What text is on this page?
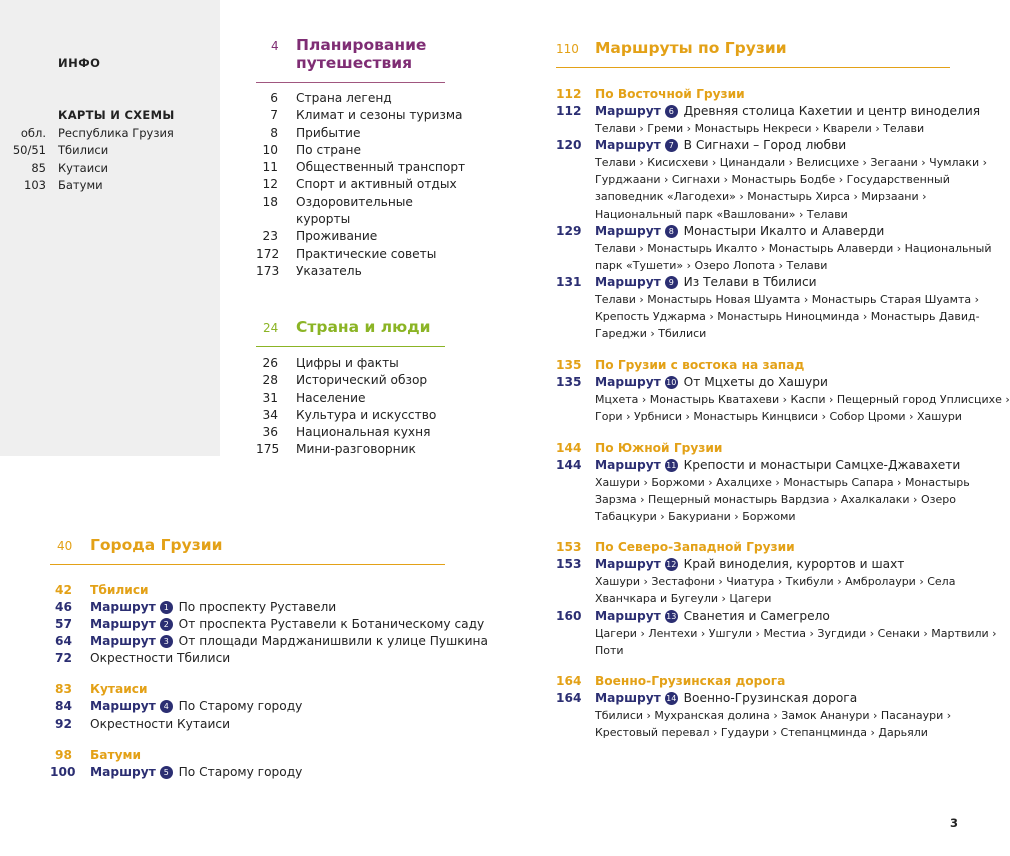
ИНФО
КАРТЫ И СХЕМЫ
обл. Республика Грузия
50/51 Тбилиси
85 Кутаиси
103 Батуми
4 Планирование путешествия
6 Страна легенд
7 Климат и сезоны туризма
8 Прибытие
10 По стране
11 Общественный транспорт
12 Спорт и активный отдых
18 Оздоровительные курорты
23 Проживание
172 Практические советы
173 Указатель
24 Страна и люди
26 Цифры и факты
28 Исторический обзор
31 Население
34 Культура и искусство
36 Национальная кухня
175 Мини-разговорник
40 Города Грузии
42 Тбилиси
46 Маршрут 1 По проспекту Руставели
57 Маршрут 2 От проспекта Руставели к Ботаническому саду
64 Маршрут 3 От площади Марджанишвили к улице Пушкина
72 Окрестности Тбилиси
83 Кутаиси
84 Маршрут 4 По Старому городу
92 Окрестности Кутаиси
98 Батуми
100 Маршрут 5 По Старому городу
110 Маршруты по Грузии
112 По Восточной Грузии
112 Маршрут 6 Древняя столица Кахетии и центр виноделия
Телави › Греми › Монастырь Некреси › Кварели › Телави
120 Маршрут 7 В Сигнахи – Город любви
Телави › Кисисхеви › Цинандали › Велисцихе › Зегаани › Чумлаки ›
Гурджаани › Сигнахи › Монастырь Бодбе › Государственный
заповедник «Лагодехи» › Монастырь Хирса › Мирзаани ›
Национальный парк «Вашловани» › Телави
129 Маршрут 8 Монастыри Икалто и Алаверди
Телави › Монастырь Икалто › Монастырь Алаверди › Национальный
парк «Тушети» › Озеро Лопота › Телави
131 Маршрут 9 Из Телави в Тбилиси
Телави › Монастырь Новая Шуамта › Монастырь Старая Шуамта ›
Крепость Уджарма › Монастырь Ниноцминда › Монастырь Давид-
Гареджи › Тбилиси
135 По Грузии с востока на запад
135 Маршрут 10 От Мцхеты до Хашури
Мцхета › Монастырь Кватахеви › Каспи › Пещерный город Уплисцихе ›
Гори › Урбниси › Монастырь Кинцвиси › Собор Цроми › Хашури
144 По Южной Грузии
144 Маршрут 11 Крепости и монастыри Самцхе-Джавахети
Хашури › Боржоми › Ахалцихе › Монастырь Сапара › Монастырь
Зарзма › Пещерный монастырь Вардзиа › Ахалкалаки › Озеро
Табацкури › Бакуриани › Боржоми
153 По Северо-Западной Грузии
153 Маршрут 12 Край виноделия, курортов и шахт
Хашури › Зестафони › Чиатура › Ткибули › Амбролаури › Села
Хванчкара и Бугеули › Цагери
160 Маршрут 13 Сванетия и Самегрело
Цагери › Лентехи › Ушгули › Местиа › Зугдиди › Сенаки › Мартвили ›
Поти
164 Военно-Грузинская дорога
164 Маршрут 14 Военно-Грузинская дорога
Тбилиси › Мухранская долина › Замок Ананури › Пасанаури ›
Крестовый перевал › Гудаури › Степанцминда › Дарьяли
3
